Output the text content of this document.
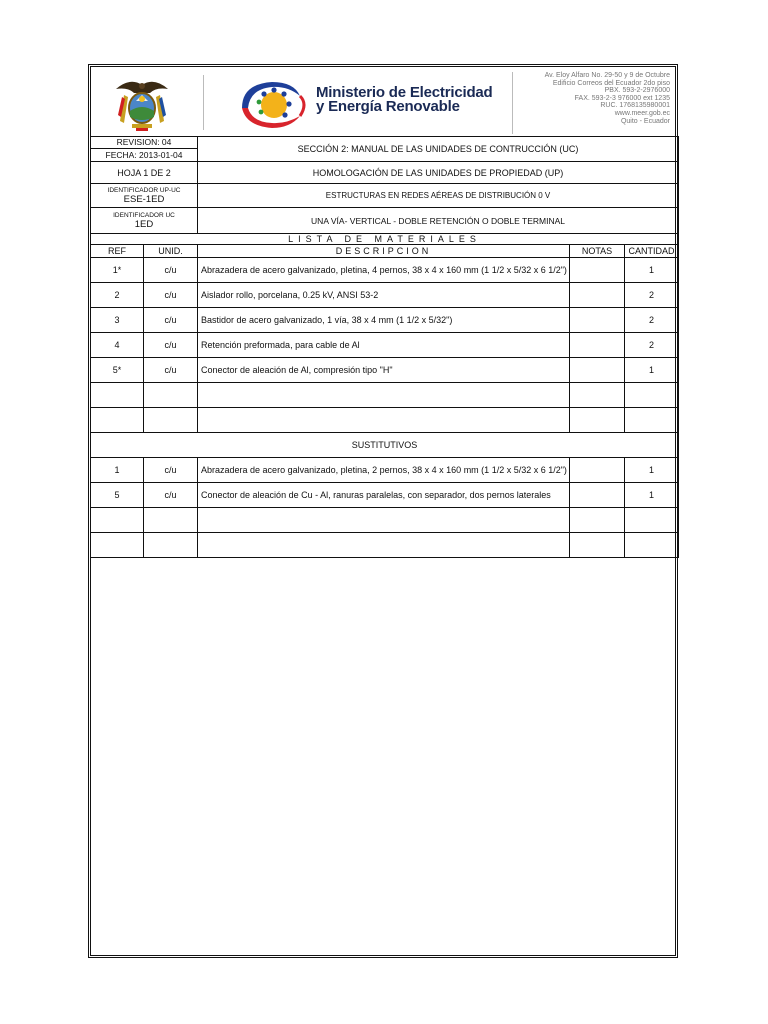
Ministerio de Electricidad
y Energía Renovable
Av. Eloy Alfaro No. 29-50 y 9 de Octubre
Edificio Correos del Ecuador 2do piso
PBX. 593-2-2976000
FAX. 593-2-3 976000 ext 1235
RUC. 1768135980001
www.meer.gob.ec
Quito - Ecuador
REVISION: 04
FECHA: 2013-01-04		SECCIÓN 2: MANUAL DE LAS UNIDADES DE CONTRUCCIÓN (UC)		
HOJA 1 DE 2		HOMOLOGACIÓN DE LAS UNIDADES DE PROPIEDAD (UP)		

IDENTIFICADOR UP-UC
ESE-1ED		ESTRUCTURAS EN REDES AÉREAS DE DISTRIBUCIÓN 0 V		

IDENTIFICADOR UC
1ED		UNA VÍA- VERTICAL - DOBLE RETENCIÓN O DOBLE TERMINAL		
LISTA DE MATERIALES				
REF	UNID.	DESCRIPCION	NOTAS	CANTIDAD
1*	c/u	Abrazadera de acero galvanizado, pletina, 4 pernos, 38 x 4 x 160 mm (1 1/2 x 5/32 x 6 1/2")		1
2	c/u	Aislador rollo, porcelana, 0.25 kV, ANSI 53-2		2
3	c/u	Bastidor de acero galvanizado, 1 vía, 38 x 4 mm (1 1/2 x 5/32")		2
4	c/u	Retención preformada, para cable de Al		2
5*	c/u	Conector de aleación de Al, compresión tipo "H"		1

SUSTITUTIVOS				
1	c/u	Abrazadera de acero galvanizado, pletina, 2 pernos, 38 x 4 x 160 mm (1 1/2 x 5/32 x 6 1/2")		1
5	c/u	Conector de aleación de Cu - Al, ranuras paralelas, con separador, dos pernos laterales		1
